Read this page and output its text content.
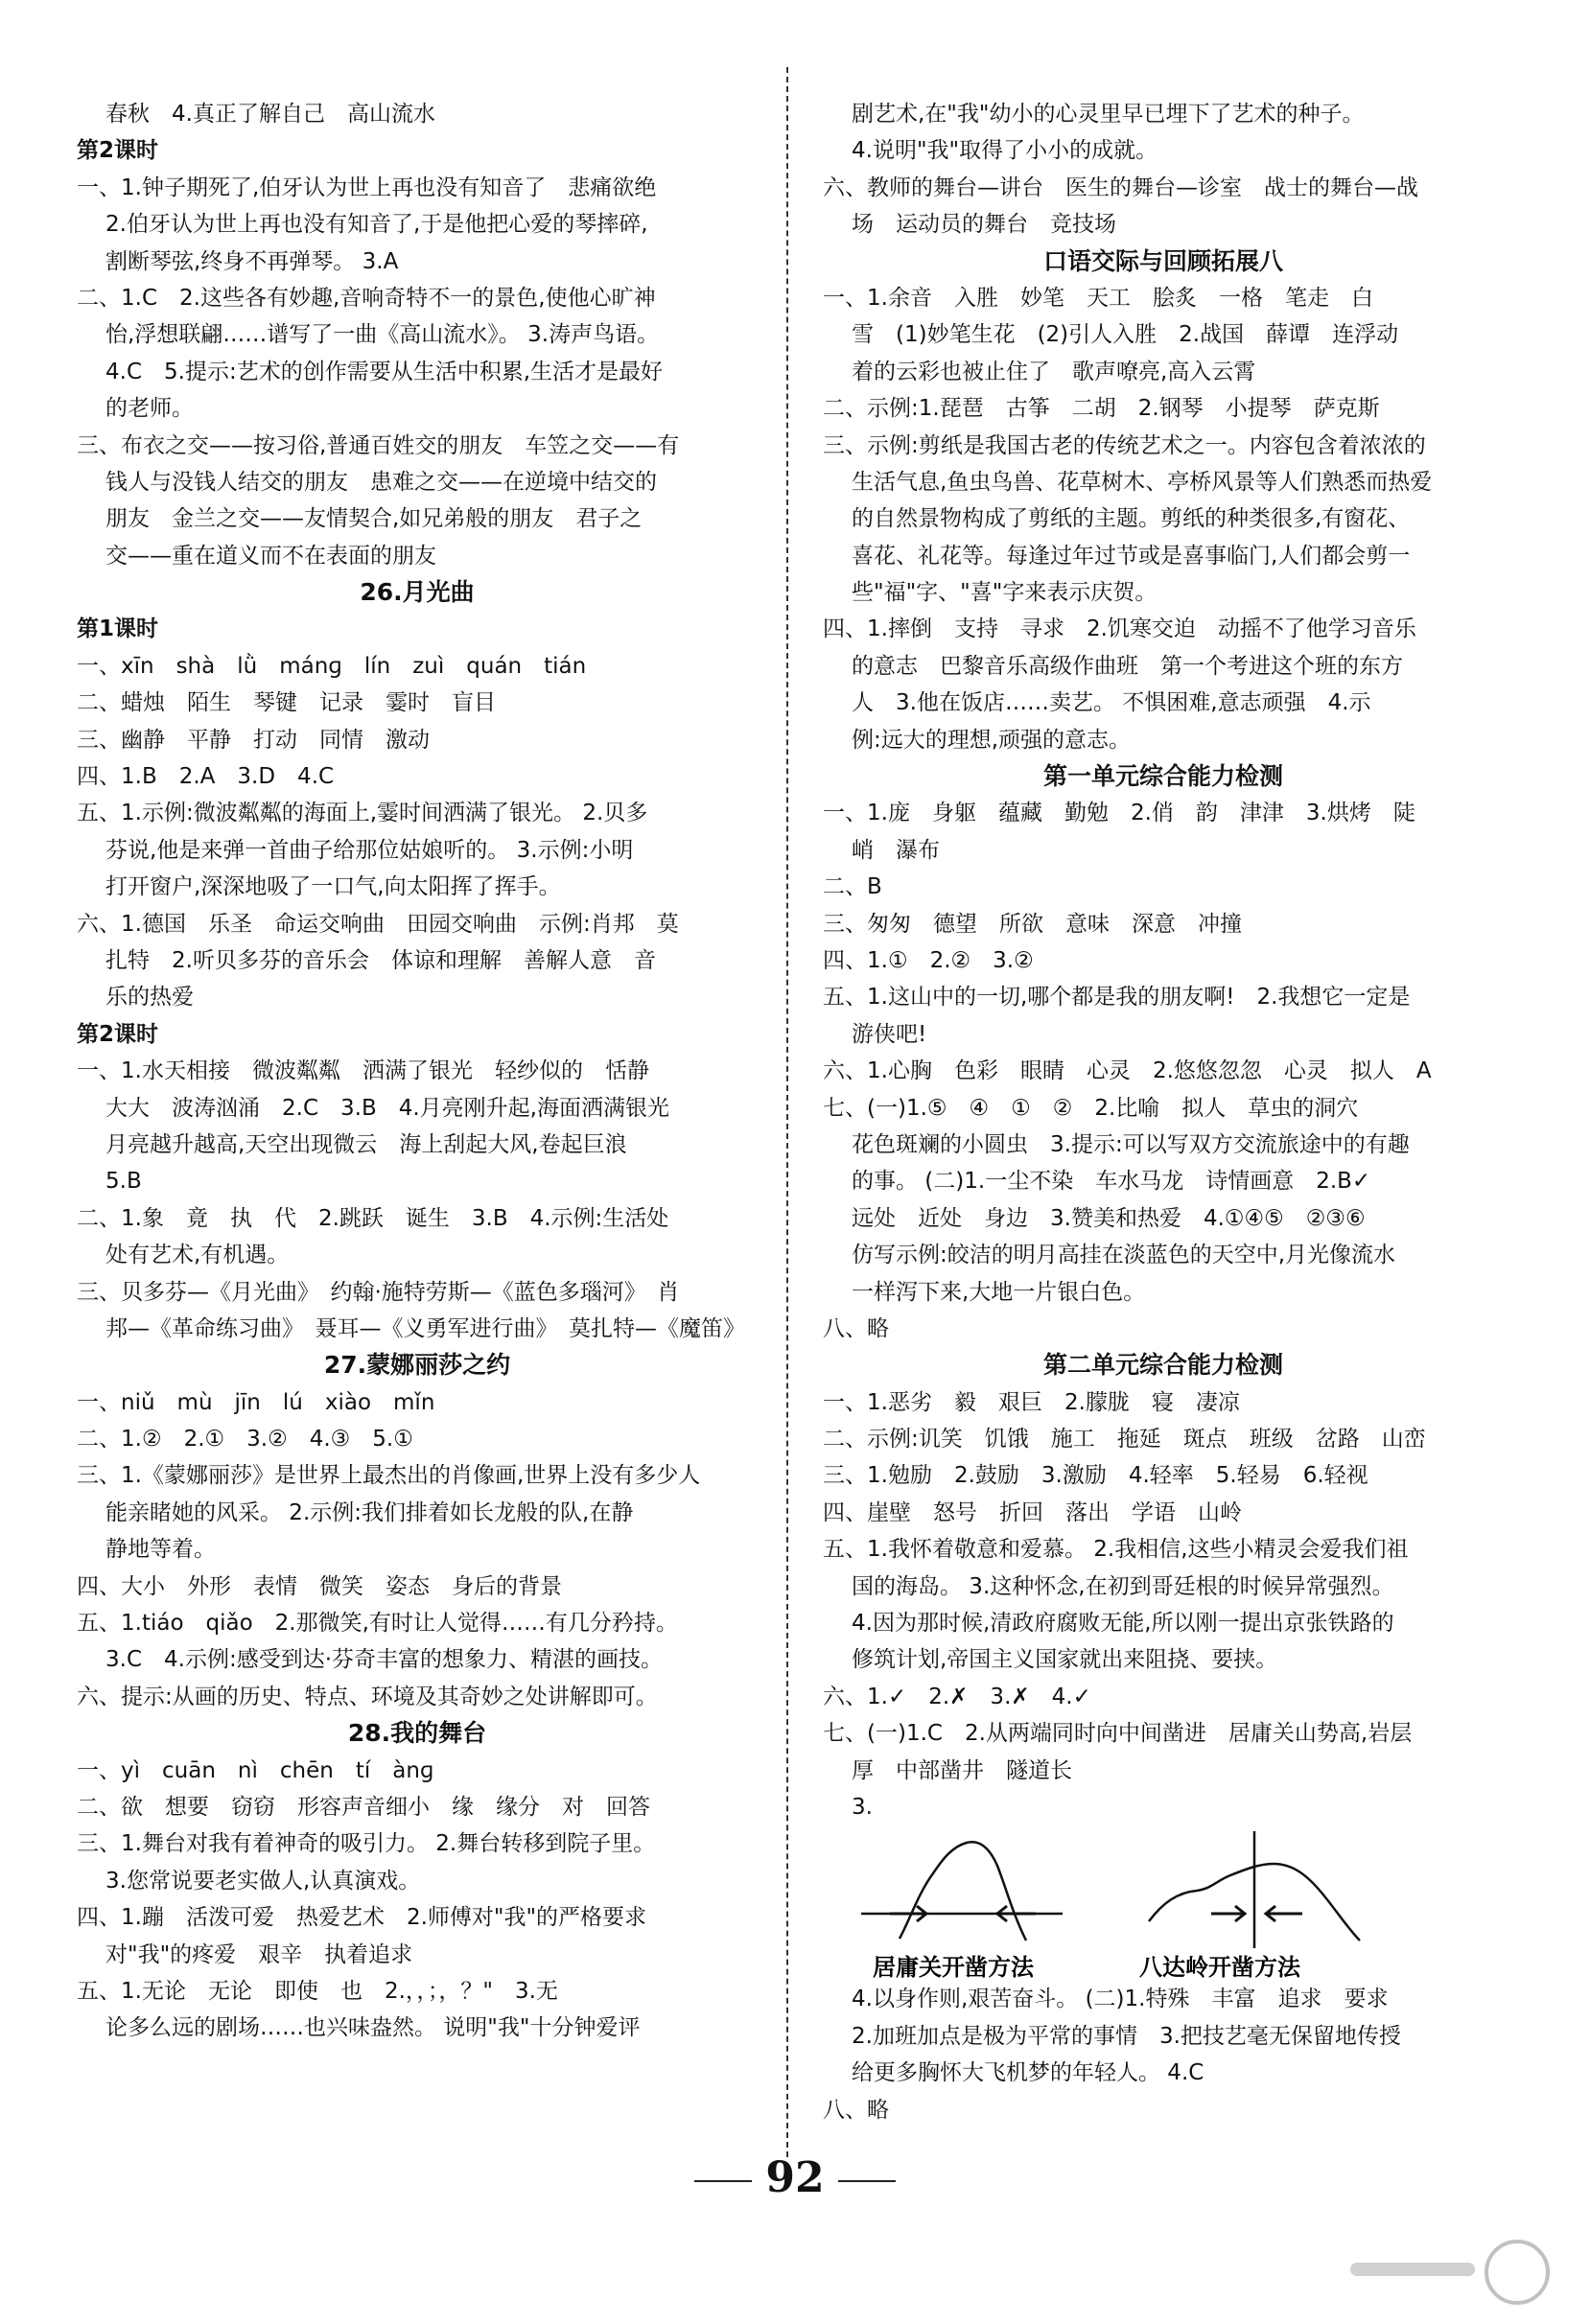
春秋　4.真正了解自己　高山流水
第2课时
一、1.钟子期死了,伯牙认为世上再也没有知音了　悲痛欲绝
2.伯牙认为世上再也没有知音了,于是他把心爱的琴摔碎,
割断琴弦,终身不再弹琴。 3.A
二、1.C　2.这些各有妙趣,音响奇特不一的景色,使他心旷神
怡,浮想联翩……谱写了一曲《高山流水》。 3.涛声鸟语。
4.C　5.提示:艺术的创作需要从生活中积累,生活才是最好
的老师。
三、布衣之交——按习俗,普通百姓交的朋友　车笠之交——有
钱人与没钱人结交的朋友　患难之交——在逆境中结交的
朋友　金兰之交——友情契合,如兄弟般的朋友　君子之
交——重在道义而不在表面的朋友
26.月光曲
第1课时
一、xīn　shà　lǜ　mánɡ　lín　zuì　quán　tián
二、蜡烛　陌生　琴键　记录　霎时　盲目
三、幽静　平静　打动　同情　激动
四、1.B　2.A　3.D　4.C
五、1.示例:微波粼粼的海面上,霎时间洒满了银光。 2.贝多
芬说,他是来弹一首曲子给那位姑娘听的。 3.示例:小明
打开窗户,深深地吸了一口气,向太阳挥了挥手。
六、1.德国　乐圣　命运交响曲　田园交响曲　示例:肖邦　莫
扎特　2.听贝多芬的音乐会　体谅和理解　善解人意　音
乐的热爱
第2课时
一、1.水天相接　微波粼粼　洒满了银光　轻纱似的　恬静
大大　波涛汹涌　2.C　3.B　4.月亮刚升起,海面洒满银光
月亮越升越高,天空出现微云　海上刮起大风,卷起巨浪
5.B
二、1.象　竟　执　代　2.跳跃　诞生　3.B　4.示例:生活处
处有艺术,有机遇。
三、贝多芬—《月光曲》　约翰·施特劳斯—《蓝色多瑙河》　肖
邦—《革命练习曲》　聂耳—《义勇军进行曲》　莫扎特—《魔笛》
27.蒙娜丽莎之约
一、niǔ　mù　jīn　lú　xiào　mǐn
二、1.②　2.①　3.②　4.③　5.①
三、1.《蒙娜丽莎》是世界上最杰出的肖像画,世界上没有多少人
能亲睹她的风采。 2.示例:我们排着如长龙般的队,在静
静地等着。
四、大小　外形　表情　微笑　姿态　身后的背景
五、1.tiáo　qiǎo　2.那微笑,有时让人觉得……有几分矜持。
3.C　4.示例:感受到达·芬奇丰富的想象力、精湛的画技。
六、提示:从画的历史、特点、环境及其奇妙之处讲解即可。
28.我的舞台
一、yì　cuān　nì　chēn　tí　ànɡ
二、欲　想要　窃窃　形容声音细小　缘　缘分　对　回答
三、1.舞台对我有着神奇的吸引力。 2.舞台转移到院子里。
3.您常说要老实做人,认真演戏。
四、1.蹦　活泼可爱　热爱艺术　2.师傅对"我"的严格要求
对"我"的疼爱　艰辛　执着追求
五、1.无论　无论　即使　也　2.，，；，？"　3.无
论多么远的剧场……也兴味盎然。 说明"我"十分钟爱评
剧艺术,在"我"幼小的心灵里早已埋下了艺术的种子。
4.说明"我"取得了小小的成就。
六、教师的舞台—讲台　医生的舞台—诊室　战士的舞台—战
场　运动员的舞台　竞技场
口语交际与回顾拓展八
一、1.余音　入胜　妙笔　天工　脍炙　一格　笔走　白
雪　(1)妙笔生花　(2)引人入胜　2.战国　薛谭　连浮动
着的云彩也被止住了　歌声嘹亮,高入云霄
二、示例:1.琵琶　古筝　二胡　2.钢琴　小提琴　萨克斯
三、示例:剪纸是我国古老的传统艺术之一。内容包含着浓浓的
生活气息,鱼虫鸟兽、花草树木、亭桥风景等人们熟悉而热爱
的自然景物构成了剪纸的主题。剪纸的种类很多,有窗花、
喜花、礼花等。每逢过年过节或是喜事临门,人们都会剪一
些"福"字、"喜"字来表示庆贺。
四、1.摔倒　支持　寻求　2.饥寒交迫　动摇不了他学习音乐
的意志　巴黎音乐高级作曲班　第一个考进这个班的东方
人　3.他在饭店……卖艺。 不惧困难,意志顽强　4.示
例:远大的理想,顽强的意志。
第一单元综合能力检测
一、1.庞　身躯　蕴藏　勤勉　2.俏　韵　津津　3.烘烤　陡
峭　瀑布
二、B
三、匆匆　德望　所欲　意味　深意　冲撞
四、1.①　2.②　3.②
五、1.这山中的一切,哪个都是我的朋友啊!　2.我想它一定是
游侠吧!
六、1.心胸　色彩　眼睛　心灵　2.悠悠忽忽　心灵　拟人　A
七、(一)1.⑤　④　①　②　2.比喻　拟人　草虫的洞穴
花色斑斓的小圆虫　3.提示:可以写双方交流旅途中的有趣
的事。 (二)1.一尘不染　车水马龙　诗情画意　2.B✓
远处　近处　身边　3.赞美和热爱　4.①④⑤　②③⑥
仿写示例:皎洁的明月高挂在淡蓝色的天空中,月光像流水
一样泻下来,大地一片银白色。
八、略
第二单元综合能力检测
一、1.恶劣　毅　艰巨　2.朦胧　寝　凄凉
二、示例:讥笑　饥饿　施工　拖延　斑点　班级　岔路　山峦
三、1.勉励　2.鼓励　3.激励　4.轻率　5.轻易　6.轻视
四、崖壁　怒号　折回　落出　学语　山岭
五、1.我怀着敬意和爱慕。 2.我相信,这些小精灵会爱我们祖
国的海岛。 3.这种怀念,在初到哥廷根的时候异常强烈。
4.因为那时候,清政府腐败无能,所以刚一提出京张铁路的
修筑计划,帝国主义国家就出来阻挠、要挟。
六、1.✓　2.✗　3.✗　4.✓
七、(一)1.C　2.从两端同时向中间凿进　居庸关山势高,岩层
厚　中部凿井　隧道长
3.
居庸关开凿方法	八达岭开凿方法
4.以身作则,艰苦奋斗。 (二)1.特殊　丰富　追求　要求
2.加班加点是极为平常的事情　3.把技艺毫无保留地传授
给更多胸怀大飞机梦的年轻人。 4.C
八、略
92
